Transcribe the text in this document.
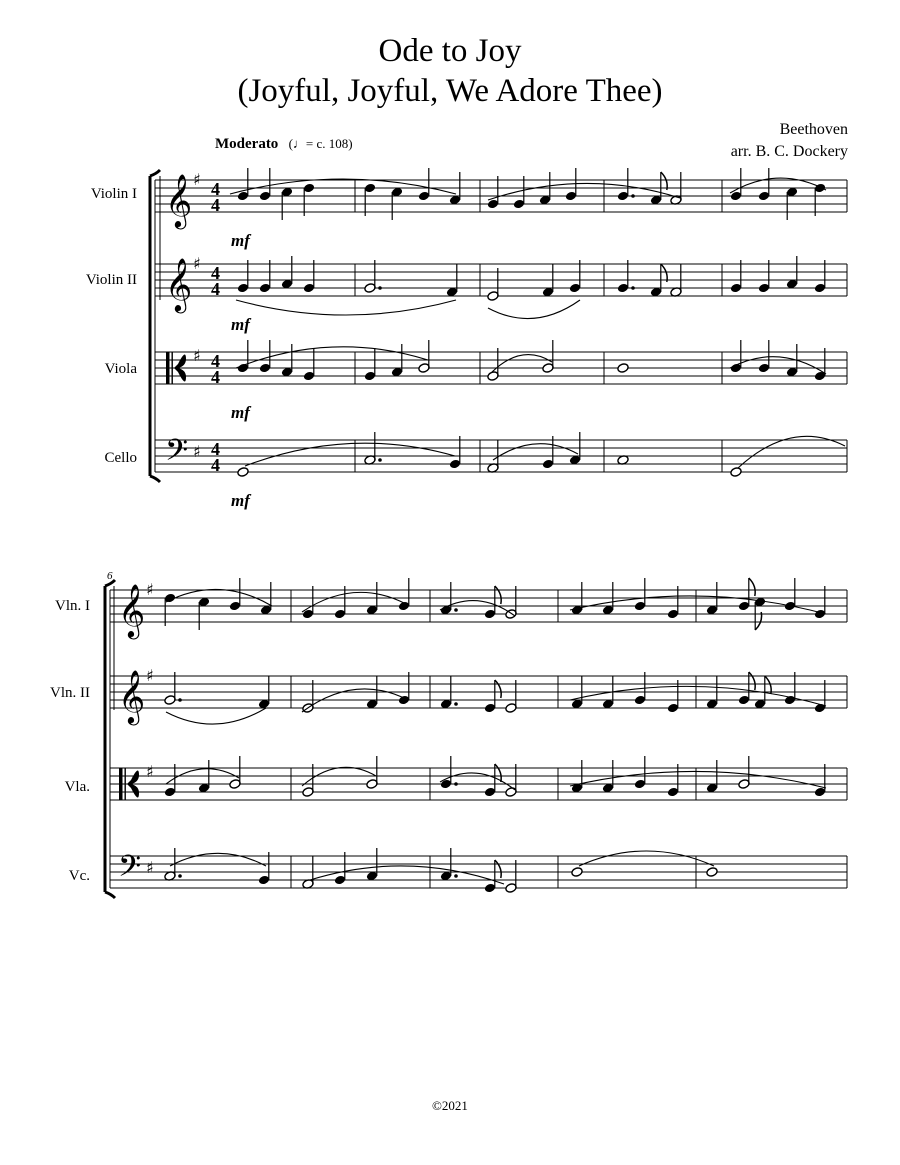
Ode to Joy
(Joyful, Joyful, We Adore Thee)
Beethoven
arr. B. C. Dockery
Moderato   (♩= c. 108)
𝄞 ♯ 4
4
Violin I
mf
𝄞 ♯ 4
4
Violin II
mf
♯ 4
4
Viola
mf
𝄢 ♯ 4
4
Cello
mf
𝄞 ♯
Vln. I
𝄞 ♯
Vln. II
♯
Vla.
𝄢 ♯
Vc.
6
©2021
